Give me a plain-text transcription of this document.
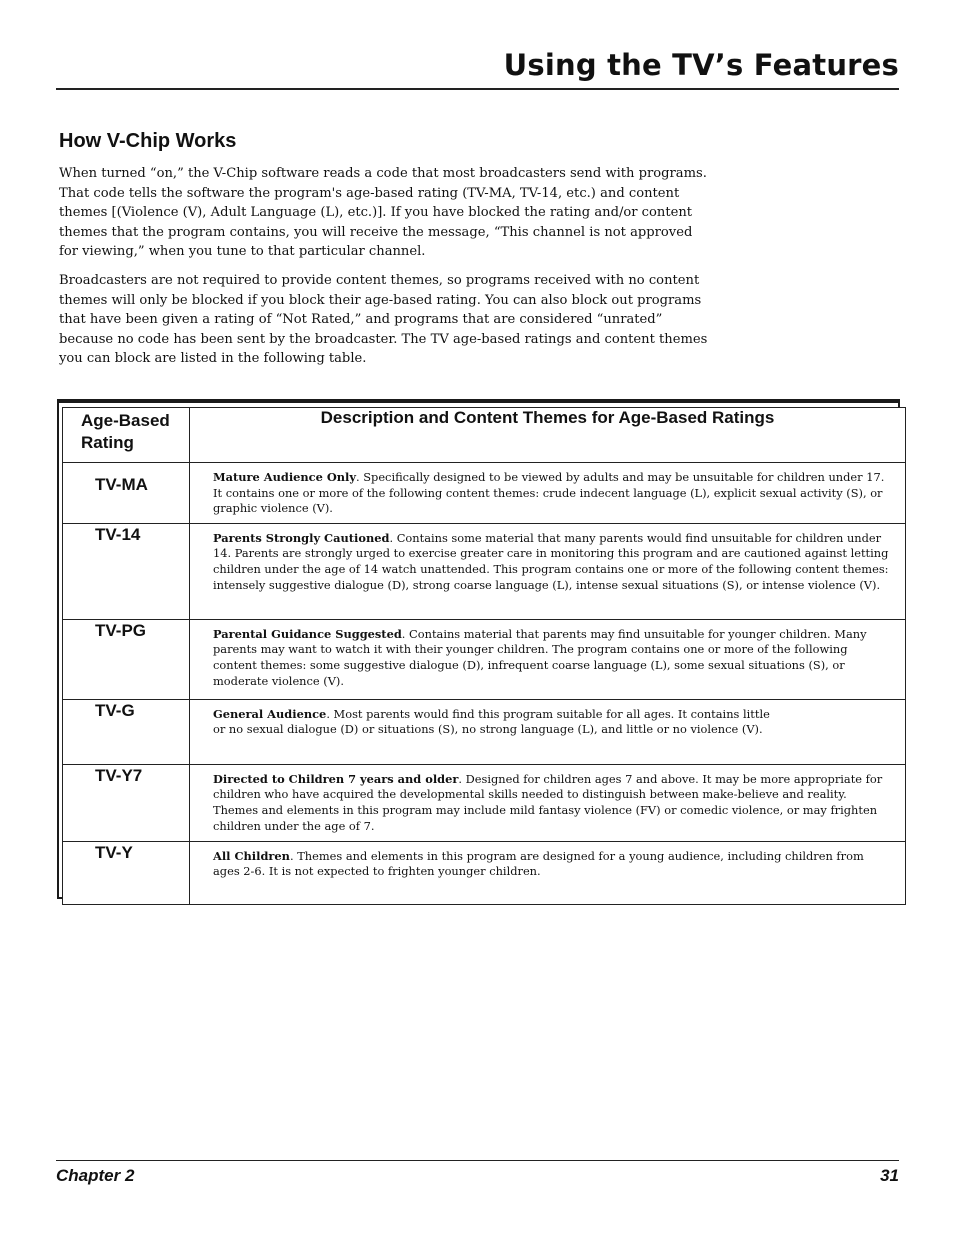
Using the TV’s Features
How V-Chip Works

When turned “on,” the V-Chip software reads a code that most broadcasters send with programs. That code tells the software the program's age-based rating (TV-MA, TV-14, etc.) and content themes [(Violence (V), Adult Language (L), etc.)]. If you have blocked the rating and/or content themes that the program contains, you will receive the message, “This channel is not approved for viewing,” when you tune to that particular channel.

Broadcasters are not required to provide content themes, so programs received with no content themes will only be blocked if you block their age-based rating. You can also block out programs that have been given a rating of “Not Rated,” and programs that are considered “unrated” because no code has been sent by the broadcaster. The TV age-based ratings and content themes you can block are listed in the following table.

Age-Based Rating	Description and Content Themes for Age-Based Ratings
TV-MA	Mature Audience Only. Specifically designed to be viewed by adults and may be unsuitable for children under 17. It contains one or more of the following content themes: crude indecent language (L), explicit sexual activity (S), or graphic violence (V).
TV-14	Parents Strongly Cautioned. Contains some material that many parents would find unsuitable for children under 14. Parents are strongly urged to exercise greater care in monitoring this program and are cautioned against letting children under the age of 14 watch unattended. This program contains one or more of the following content themes: intensely suggestive dialogue (D), strong coarse language (L), intense sexual situations (S), or intense violence (V).
TV-PG	Parental Guidance Suggested. Contains material that parents may find unsuitable for younger children. Many parents may want to watch it with their younger children. The program contains one or more of the following content themes: some suggestive dialogue (D), infrequent coarse language (L), some sexual situations (S), or moderate violence (V).
TV-G	General Audience. Most parents would find this program suitable for all ages. It contains little or no sexual dialogue (D) or situations (S), no strong language (L), and little or no violence (V).

TV-Y7	Directed to Children 7 years and older. Designed for children ages 7 and above. It may be more appropriate for children who have acquired the developmental skills needed to distinguish between make-believe and reality. Themes and elements in this program may include mild fantasy violence (FV) or comedic violence, or may frighten children under the age of 7.
TV-Y	All Children. Themes and elements in this program are designed for a young audience, including children from ages 2-6. It is not expected to frighten younger children.
Chapter 2	31
